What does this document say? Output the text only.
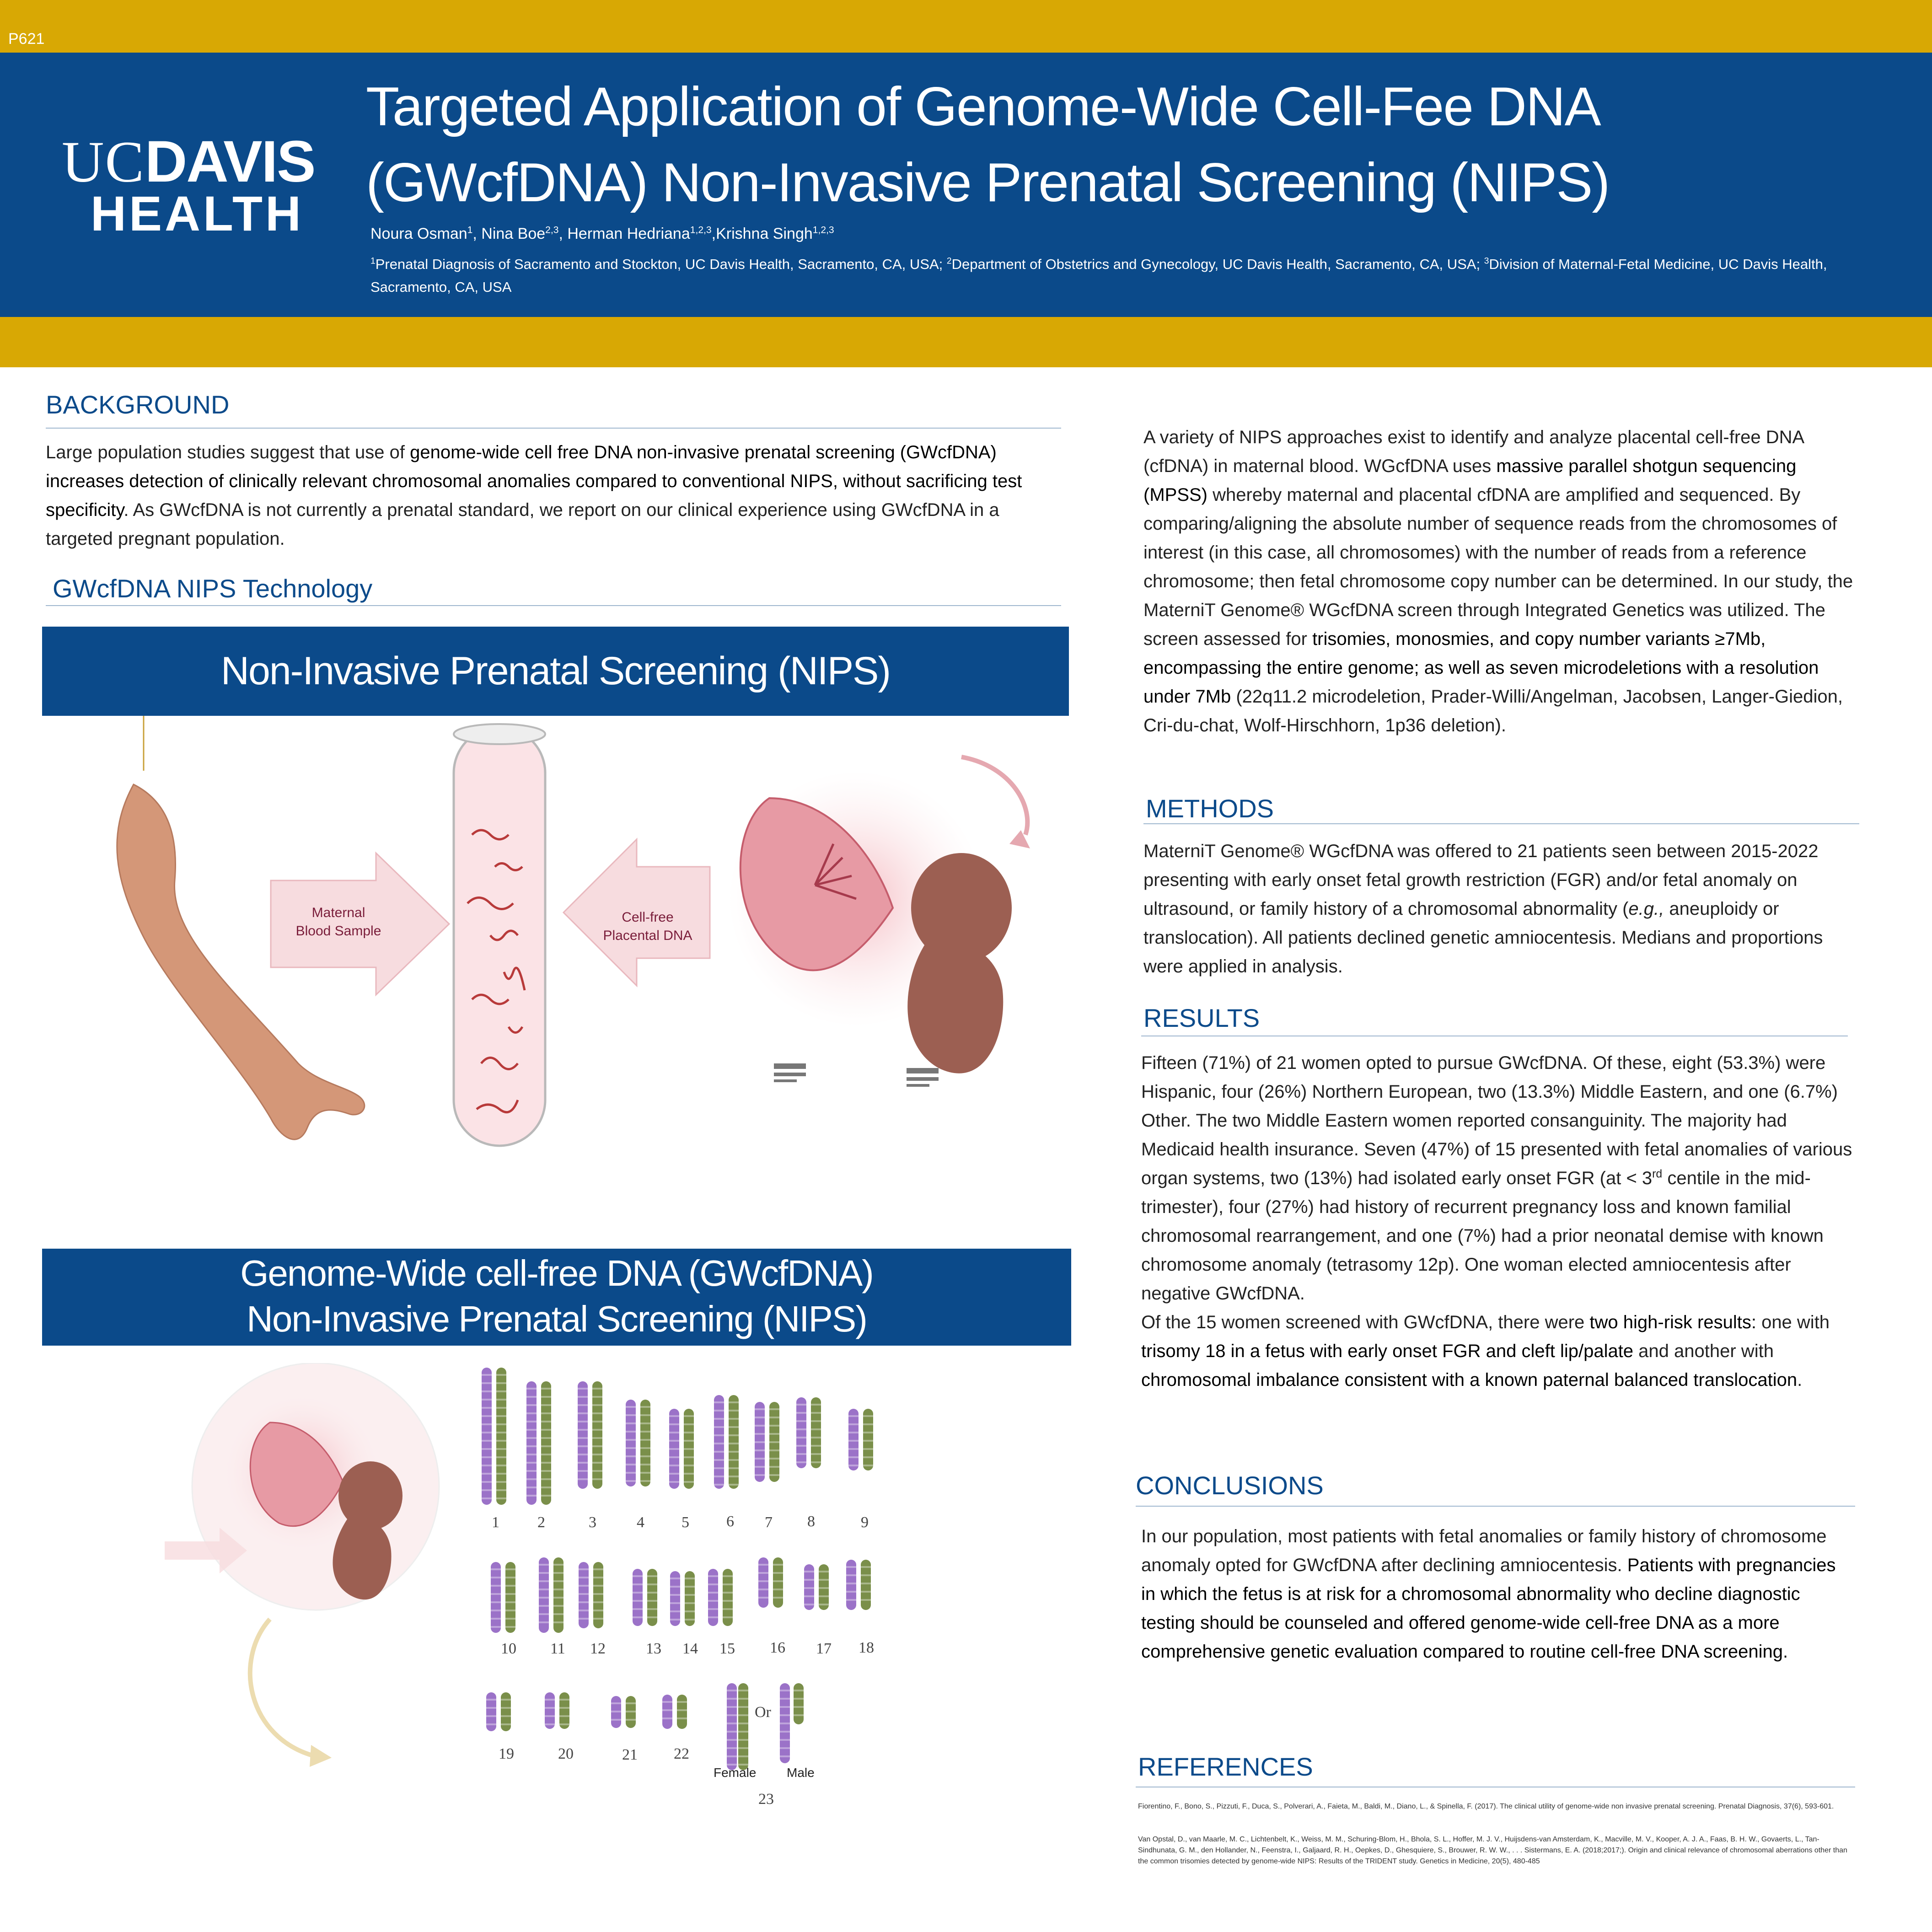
P621
UCDAVIS
HEALTH
Targeted Application of Genome-Wide Cell-Fee DNA
(GWcfDNA) Non-Invasive Prenatal Screening (NIPS)
Noura Osman$^1$, Nina Boe$^{2,3}$, Herman Hedriana$^{1,2,3}$,Krishna Singh$^{1,2,3}$
$^1$Prenatal Diagnosis of Sacramento and Stockton, UC Davis Health, Sacramento, CA, USA; $^2$Department of Obstetrics and Gynecology, UC Davis Health, Sacramento, CA, USA; $^3$Division of Maternal-Fetal Medicine, UC Davis Health, Sacramento, CA, USA
BACKGROUND
Large population studies suggest that use of genome-wide cell free DNA non-invasive prenatal screening (GWcfDNA) increases detection of clinically relevant chromosomal anomalies compared to conventional NIPS, without sacrificing test specificity. As GWcfDNA is not currently a prenatal standard, we report on our clinical experience using GWcfDNA in a targeted pregnant population.
GWcfDNA NIPS Technology
Non-Invasive Prenatal Screening (NIPS)
Maternal
Blood Sample
Cell-free
Placental DNA
Genome-Wide cell-free DNA (GWcfDNA)
Non-Invasive Prenatal Screening (NIPS)
1 2	3	4 5 6 7 8	9
10 11 12	13 14 15 16 17 18
19	20	21 22
Or
Female Male
23
A variety of NIPS approaches exist to identify and analyze placental cell-free DNA (cfDNA) in maternal blood. WGcfDNA uses massive parallel shotgun sequencing (MPSS) whereby maternal and placental cfDNA are amplified and sequenced. By comparing/aligning the absolute number of sequence reads from the chromosomes of interest (in this case, all chromosomes) with the number of reads from a reference chromosome; then fetal chromosome copy number can be determined. In our study, the MaterniT Genome® WGcfDNA screen through Integrated Genetics was utilized. The screen assessed for trisomies, monosmies, and copy number variants ≥7Mb, encompassing the entire genome; as well as seven microdeletions with a resolution under 7Mb (22q11.2 microdeletion, Prader-Willi/Angelman, Jacobsen, Langer-Giedion, Cri-du-chat, Wolf-Hirschhorn, 1p36 deletion).
METHODS
MaterniT Genome® WGcfDNA was offered to 21 patients seen between 2015-2022 presenting with early onset fetal growth restriction (FGR) and/or fetal anomaly on ultrasound, or family history of a chromosomal abnormality (e.g., aneuploidy or translocation). All patients declined genetic amniocentesis. Medians and proportions were applied in analysis.
RESULTS
Fifteen (71%) of 21 women opted to pursue GWcfDNA. Of these, eight (53.3%) were Hispanic, four (26%) Northern European, two (13.3%) Middle Eastern, and one (6.7%) Other. The two Middle Eastern women reported consanguinity. The majority had Medicaid health insurance. Seven (47%) of 15 presented with fetal anomalies of various organ systems, two (13%) had isolated early onset FGR (at < 3rd centile in the mid-trimester), four (27%) had history of recurrent pregnancy loss and known familial chromosomal rearrangement, and one (7%) had a prior neonatal demise with known chromosome anomaly (tetrasomy 12p). One woman elected amniocentesis after negative GWcfDNA.
Of the 15 women screened with GWcfDNA, there were two high-risk results: one with trisomy 18 in a fetus with early onset FGR and cleft lip/palate and another with chromosomal imbalance consistent with a known paternal balanced translocation.
CONCLUSIONS
In our population, most patients with fetal anomalies or family history of chromosome anomaly opted for GWcfDNA after declining amniocentesis. Patients with pregnancies in which the fetus is at risk for a chromosomal abnormality who decline diagnostic testing should be counseled and offered genome-wide cell-free DNA as a more comprehensive genetic evaluation compared to routine cell-free DNA screening.
REFERENCES
Fiorentino, F., Bono, S., Pizzuti, F., Duca, S., Polverari, A., Faieta, M., Baldi, M., Diano, L., & Spinella, F. (2017). The clinical utility of genome-wide non invasive prenatal screening. Prenatal Diagnosis, 37(6), 593-601.
Van Opstal, D., van Maarle, M. C., Lichtenbelt, K., Weiss, M. M., Schuring-Blom, H., Bhola, S. L., Hoffer, M. J. V., Huijsdens-van Amsterdam, K., Macville, M. V., Kooper, A. J. A., Faas, B. H. W., Govaerts, L., Tan-Sindhunata, G. M., den Hollander, N., Feenstra, I., Galjaard, R. H., Oepkes, D., Ghesquiere, S., Brouwer, R. W. W., . . . Sistermans, E. A. (2018;2017;). Origin and clinical relevance of chromosomal aberrations other than the common trisomies detected by genome-wide NIPS: Results of the TRIDENT study. Genetics in Medicine, 20(5), 480-485
